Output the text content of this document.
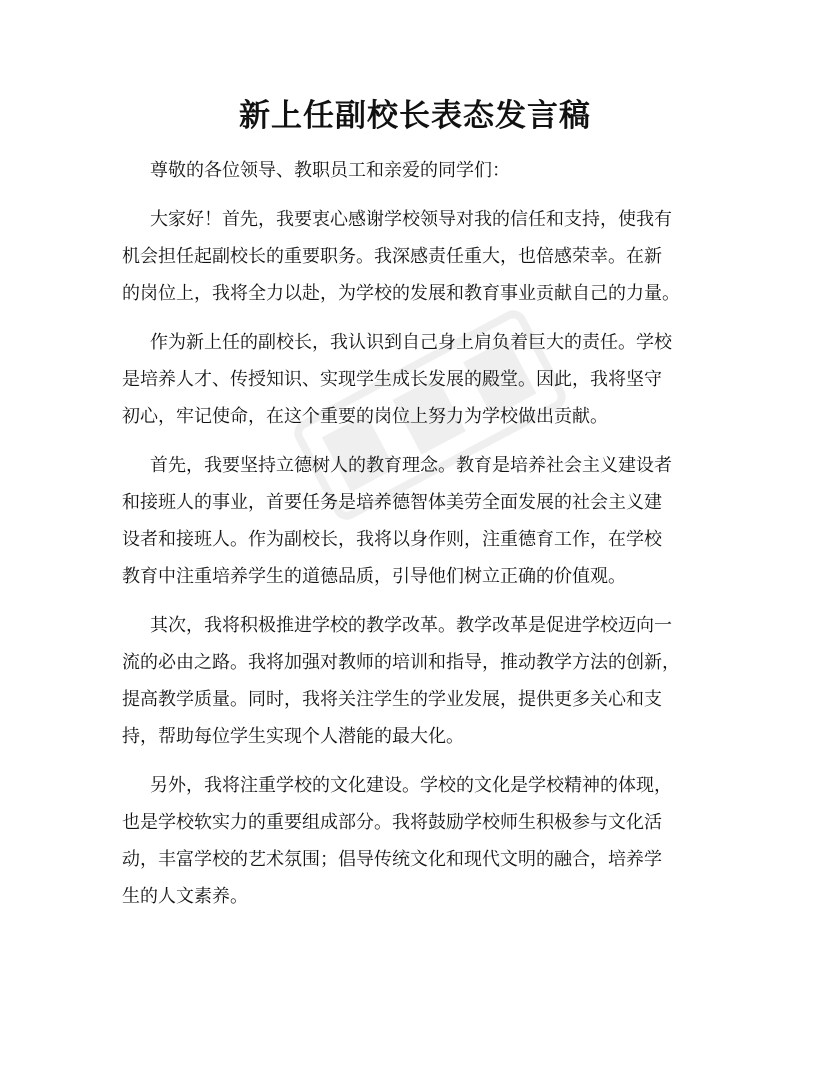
新上任副校长表态发言稿
尊敬的各位领导、教职员工和亲爱的同学们：
大家好！首先，我要衷心感谢学校领导对我的信任和支持，使我有
机会担任起副校长的重要职务。我深感责任重大，也倍感荣幸。在新
的岗位上，我将全力以赴，为学校的发展和教育事业贡献自己的力量。
作为新上任的副校长，我认识到自己身上肩负着巨大的责任。学校
是培养人才、传授知识、实现学生成长发展的殿堂。因此，我将坚守
初心，牢记使命，在这个重要的岗位上努力为学校做出贡献。
首先，我要坚持立德树人的教育理念。教育是培养社会主义建设者
和接班人的事业，首要任务是培养德智体美劳全面发展的社会主义建
设者和接班人。作为副校长，我将以身作则，注重德育工作，在学校
教育中注重培养学生的道德品质，引导他们树立正确的价值观。
其次，我将积极推进学校的教学改革。教学改革是促进学校迈向一
流的必由之路。我将加强对教师的培训和指导，推动教学方法的创新，
提高教学质量。同时，我将关注学生的学业发展，提供更多关心和支
持，帮助每位学生实现个人潜能的最大化。
另外，我将注重学校的文化建设。学校的文化是学校精神的体现，
也是学校软实力的重要组成部分。我将鼓励学校师生积极参与文化活
动，丰富学校的艺术氛围；倡导传统文化和现代文明的融合，培养学
生的人文素养。
